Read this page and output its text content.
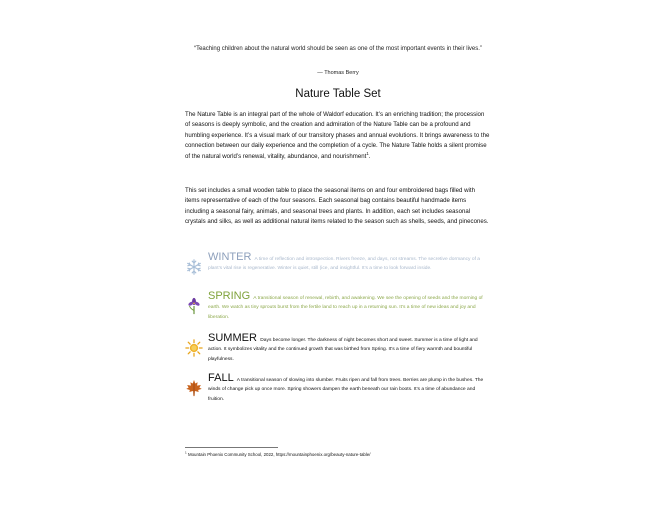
“Teaching children about the natural world should be seen as one of the most important events in their lives.”
— Thomas Berry
Nature Table Set
The Nature Table is an integral part of the whole of Waldorf education. It’s an enriching tradition; the procession of seasons is deeply symbolic, and the creation and admiration of the Nature Table can be a profound and humbling experience. It’s a visual mark of our transitory phases and annual evolutions. It brings awareness to the connection between our daily experience and the completion of a cycle. The Nature Table holds a silent promise of the natural world’s renewal, vitality, abundance, and nourishment$^1$.
This set includes a small wooden table to place the seasonal items on and four embroidered bags filled with items representative of each of the four seasons. Each seasonal bag contains beautiful handmade items including a seasonal fairy, animals, and seasonal trees and plants. In addition, each set includes seasonal crystals and silks, as well as additional natural items related to the season such as shells, seeds, and pinecones.
WINTER A time of reflection and introspection. Rivers freeze, and days, not streams. The secretive dormancy of a plant’s vital rise is regenerative. Winter is quiet, still (ice, and insightful. It’s a time to look forward inside.
SPRING A transitional season of renewal, rebirth, and awakening. We see the opening of seeds and the morning of earth. We watch as tiny sprouts burst from the fertile land to reach up in a returning sun. It’s a time of new ideas and joy and liberation.
SUMMER Days become longer. The darkness of night becomes short and sweet. Summer is a time of light and action. It symbolizes vitality and the continued growth that was birthed from Spring. It’s a time of fiery warmth and bountiful playfulness.
FALL A transitional season of slowing into slumber. Fruits ripen and fall from trees. Berries are plump in the bushes. The winds of change pick up once more. Spring showers dampen the earth beneath our rain boots. It’s a time of abundance and fruition.
$^1$ Mountain Phoenix Community School, 2022, https://mountainphoenix.org/beauty-nature-table/
